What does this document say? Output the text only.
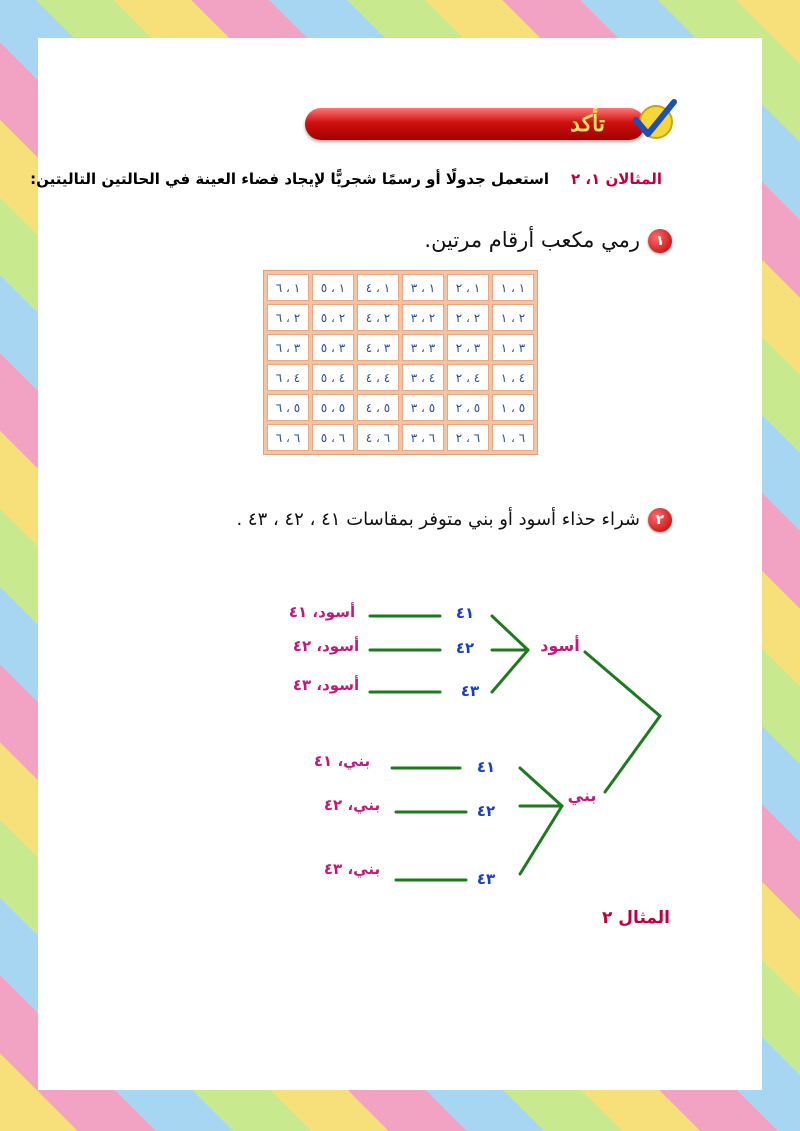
تأكد
المثالان ١، ٢استعمل جدولًا أو رسمًا شجريًّا لإيجاد فضاء العينة في الحالتين التاليتين:
١رمي مكعب أرقام مرتين.
١ ، ٦	١ ، ٥	١ ، ٤	١ ، ٣	١ ، ٢	١ ، ١
٢ ، ٦	٢ ، ٥	٢ ، ٤	٢ ، ٣	٢ ، ٢	٢ ، ١
٣ ، ٦	٣ ، ٥	٣ ، ٤	٣ ، ٣	٣ ، ٢	٣ ، ١
٤ ، ٦	٤ ، ٥	٤ ، ٤	٤ ، ٣	٤ ، ٢	٤ ، ١
٥ ، ٦	٥ ، ٥	٥ ، ٤	٥ ، ٣	٥ ، ٢	٥ ، ١
٦ ، ٦	٦ ، ٥	٦ ، ٤	٦ ، ٣	٦ ، ٢	٦ ، ١
٢شراء حذاء أسود أو بني متوفر بمقاسات ٤١ ، ٤٢ ، ٤٣ .
أسود
٤١
أسود، ٤١
٤٢
أسود، ٤٢
٤٣
أسود، ٤٣
بني
٤١
بني، ٤١
٤٢
بني، ٤٢
٤٣
بني، ٤٣
المثال ٢
